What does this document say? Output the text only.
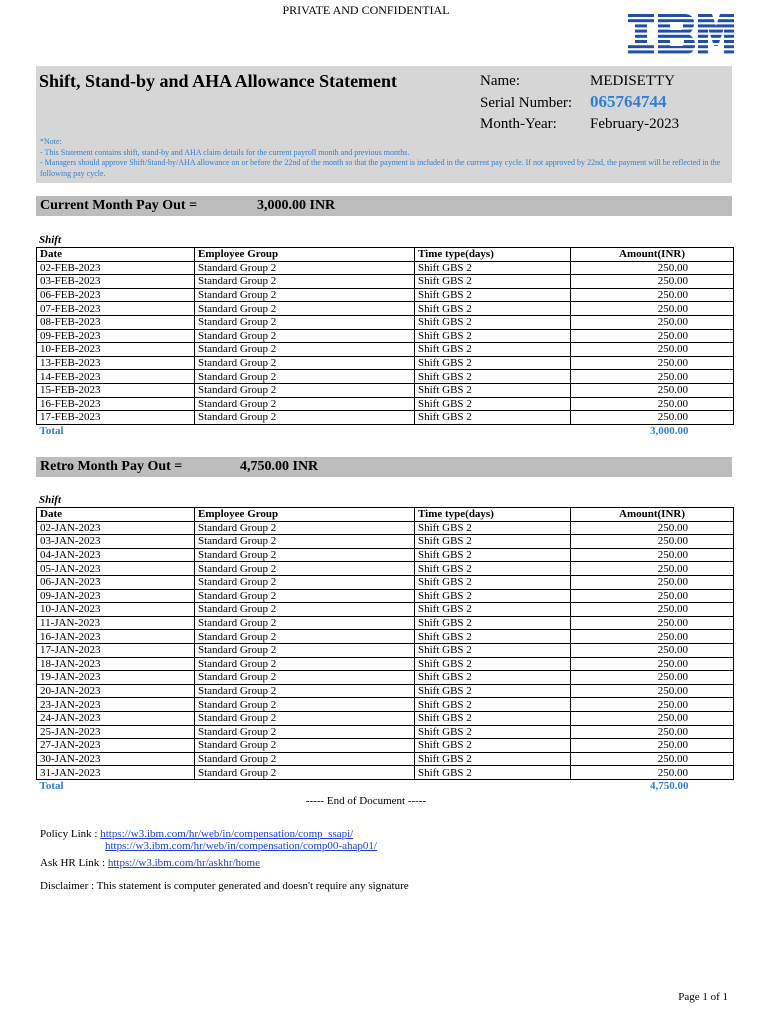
PRIVATE AND CONFIDENTIAL
Shift, Stand-by and AHA Allowance Statement	Name:	MEDISETTY
Serial Number: 065764744
Month-Year: February-2023
*Note:
- This Statement contains shift, stand-by and AHA claim details for the current payroll month and previous months.
- Managers should approve Shift/Stand-by/AHA allowance on or before the 22nd of the month so that the payment is included in the current pay cycle. If not approved by 22nd, the payment will be reflected in the following pay cycle.
Current Month Pay Out =	3,000.00 INR
Shift
Date	Employee Group	Time type(days)	Amount(INR)
02-FEB-2023	Standard Group 2	Shift GBS 2	250.00
03-FEB-2023	Standard Group 2	Shift GBS 2	250.00
06-FEB-2023	Standard Group 2	Shift GBS 2	250.00
07-FEB-2023	Standard Group 2	Shift GBS 2	250.00
08-FEB-2023	Standard Group 2	Shift GBS 2	250.00
09-FEB-2023	Standard Group 2	Shift GBS 2	250.00
10-FEB-2023	Standard Group 2	Shift GBS 2	250.00
13-FEB-2023	Standard Group 2	Shift GBS 2	250.00
14-FEB-2023	Standard Group 2	Shift GBS 2	250.00
15-FEB-2023	Standard Group 2	Shift GBS 2	250.00
16-FEB-2023	Standard Group 2	Shift GBS 2	250.00
17-FEB-2023	Standard Group 2	Shift GBS 2	250.00
Total			3,000.00
Retro Month Pay Out =	4,750.00 INR
Shift
Date	Employee Group	Time type(days)	Amount(INR)
02-JAN-2023	Standard Group 2	Shift GBS 2	250.00
03-JAN-2023	Standard Group 2	Shift GBS 2	250.00
04-JAN-2023	Standard Group 2	Shift GBS 2	250.00
05-JAN-2023	Standard Group 2	Shift GBS 2	250.00
06-JAN-2023	Standard Group 2	Shift GBS 2	250.00
09-JAN-2023	Standard Group 2	Shift GBS 2	250.00
10-JAN-2023	Standard Group 2	Shift GBS 2	250.00
11-JAN-2023	Standard Group 2	Shift GBS 2	250.00
16-JAN-2023	Standard Group 2	Shift GBS 2	250.00
17-JAN-2023	Standard Group 2	Shift GBS 2	250.00
18-JAN-2023	Standard Group 2	Shift GBS 2	250.00
19-JAN-2023	Standard Group 2	Shift GBS 2	250.00
20-JAN-2023	Standard Group 2	Shift GBS 2	250.00
23-JAN-2023	Standard Group 2	Shift GBS 2	250.00
24-JAN-2023	Standard Group 2	Shift GBS 2	250.00
25-JAN-2023	Standard Group 2	Shift GBS 2	250.00
27-JAN-2023	Standard Group 2	Shift GBS 2	250.00
30-JAN-2023	Standard Group 2	Shift GBS 2	250.00
31-JAN-2023	Standard Group 2	Shift GBS 2	250.00
Total			4,750.00
----- End of Document -----
Policy Link : https://w3.ibm.com/hr/web/in/compensation/comp_ssapi/
https://w3.ibm.com/hr/web/in/compensation/comp00-ahap01/
Ask HR Link : https://w3.ibm.com/hr/askhr/home
Disclaimer : This statement is computer generated and doesn't require any signature
Page 1 of 1
